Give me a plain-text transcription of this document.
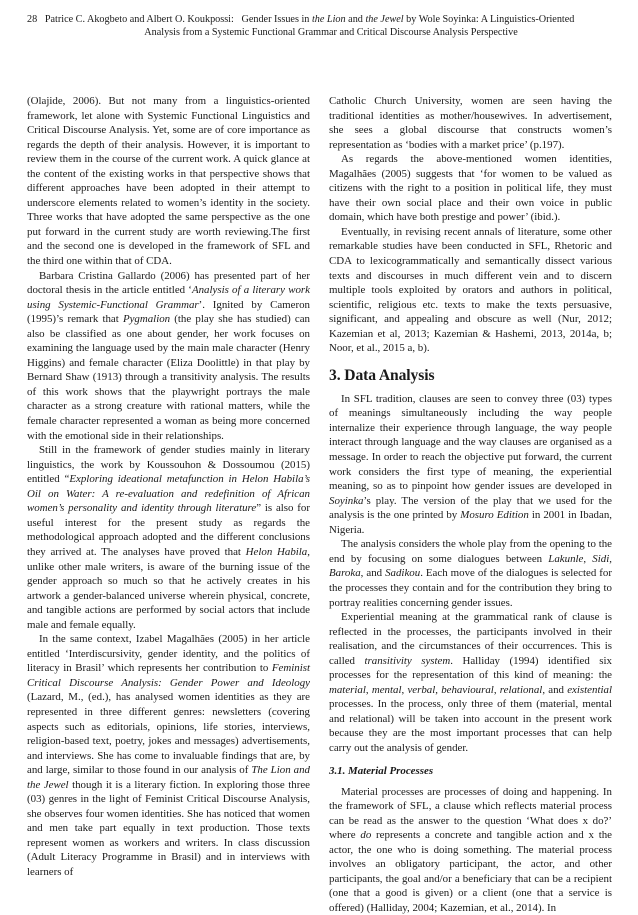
28 Patrice C. Akogbeto and Albert O. Koukpossi: Gender Issues in the Lion and the Jewel by Wole Soyinka: A Linguistics-Oriented
Analysis from a Systemic Functional Grammar and Critical Discourse Analysis Perspective

(Olajide, 2006). But not many from a linguistics-oriented framework, let alone with Systemic Functional Linguistics and Critical Discourse Analysis. Yet, some are of core importance as regards the depth of their analysis. However, it is important to review them in the course of the current work. A quick glance at the content of the existing works in that perspective shows that different approaches have been adopted in their attempt to underscore elements related to women’s identity in the society. Three works that have adopted the same perspective as the one put forward in the current study are worth reviewing.The first and the second one is developed in the framework of SFL and the third one within that of CDA.

Barbara Cristina Gallardo (2006) has presented part of her doctoral thesis in the article entitled ‘Analysis of a literary work using Systemic-Functional Grammar’. Ignited by Cameron (1995)’s remark that Pygmalion (the play she has studied) can also be classified as one about gender, her work focuses on examining the language used by the main male character (Henry Higgins) and female character (Eliza Doolittle) in that play by Bernard Shaw (1913) through a transitivity analysis. The results of this work shows that the playwright portrays the male character as a strong creature with rational matters, while the female character represented a woman as being more concerned with the emotional side in their relationships.

Still in the framework of gender studies mainly in literary linguistics, the work by Koussouhon & Dossoumou (2015) entitled “Exploring ideational metafunction in Helon Habila’s Oil on Water: A re-evaluation and redefinition of African women’s personality and identity through literature” is also for useful interest for the present study as regards the methodological approach adopted and the different conclusions they arrived at. The analyses have proved that Helon Habila, unlike other male writers, is aware of the burning issue of the gender approach so much so that he actively creates in his artwork a gender-balanced universe wherein physical, concrete, and tangible actions are performed by social actors that include male and female equally.

In the same context, Izabel Magalhães (2005) in her article entitled ‘Interdiscursivity, gender identity, and the politics of literacy in Brasil’ which represents her contribution to Feminist Critical Discourse Analysis: Gender Power and Ideology (Lazard, M., (ed.), has analysed women identities as they are represented in three different genres: newsletters (covering aspects such as editorials, opinions, life stories, interviews, religion-based text, poetry, jokes and messages) advertisements, and interviews. She has come to invaluable findings that are, by and large, similar to those found in our analysis of The Lion and the Jewel though it is a literary fiction. In exploring those three (03) genres in the light of Feminist Critical Discourse Analysis, she observes four women identities. She has noticed that women and men take part equally in text production. Those texts represent women as workers and writers. In class discussion (Adult Literacy Programme in Brasil) and in interviews with learners of

Catholic Church University, women are seen having the traditional identities as mother/housewives. In advertisement, she sees a global discourse that constructs women’s representation as ‘bodies with a market price’ (p.197).

As regards the above-mentioned women identities, Magalhães (2005) suggests that ‘for women to be valued as citizens with the right to a position in political life, they must have their own social place and their own voice in public domain, which have both prestige and power’ (ibid.).

Eventually, in revising recent annals of literature, some other remarkable studies have been conducted in SFL, Rhetoric and CDA to lexicogrammatically and semantically dissect various texts and discourses in much different vein and to discern multiple tools exploited by orators and authors in political, scientific, religious etc. texts to make the texts persuasive, significant, and appealing and obscure as well (Nur, 2012; Kazemian et al, 2013; Kazemian & Hashemi, 2013, 2014a, b; Noor, et al., 2015 a, b).

3. Data Analysis

In SFL tradition, clauses are seen to convey three (03) types of meanings simultaneously including the way people internalize their experience through language, the way people interact through language and the way clauses are organised as a message. In order to reach the objective put forward, the current work considers the first type of meaning, the experiential meaning, so as to pinpoint how gender issues are developed in Soyinka’s play. The version of the play that we used for the analysis is the one printed by Mosuro Edition in 2001 in Ibadan, Nigeria.

The analysis considers the whole play from the opening to the end by focusing on some dialogues between Lakunle, Sidi, Baroka, and Sadikou. Each move of the dialogues is selected for the processes they contain and for the contribution they bring to portray realities concerning gender issues.

Experiential meaning at the grammatical rank of clause is reflected in the processes, the participants involved in their realisation, and the circumstances of their occurrences. This is called transitivity system. Halliday (1994) identified six processes for the representation of this kind of meaning: the material, mental, verbal, behavioural, relational, and existential processes. In the process, only three of them (material, mental and relational) will be taken into account in the present work because they are the most important processes that can help carry out the analysis of gender.

3.1. Material Processes

Material processes are processes of doing and happening. In the framework of SFL, a clause which reflects material process can be read as the answer to the question ‘What does x do?’ where do represents a concrete and tangible action and x the actor, the one who is doing something. The material process involves an obligatory participant, the actor, and other participants, the goal and/or a beneficiary that can be a recipient (one that a good is given) or a client (one that a service is offered) (Halliday, 2004; Kazemian, et al., 2014). In
